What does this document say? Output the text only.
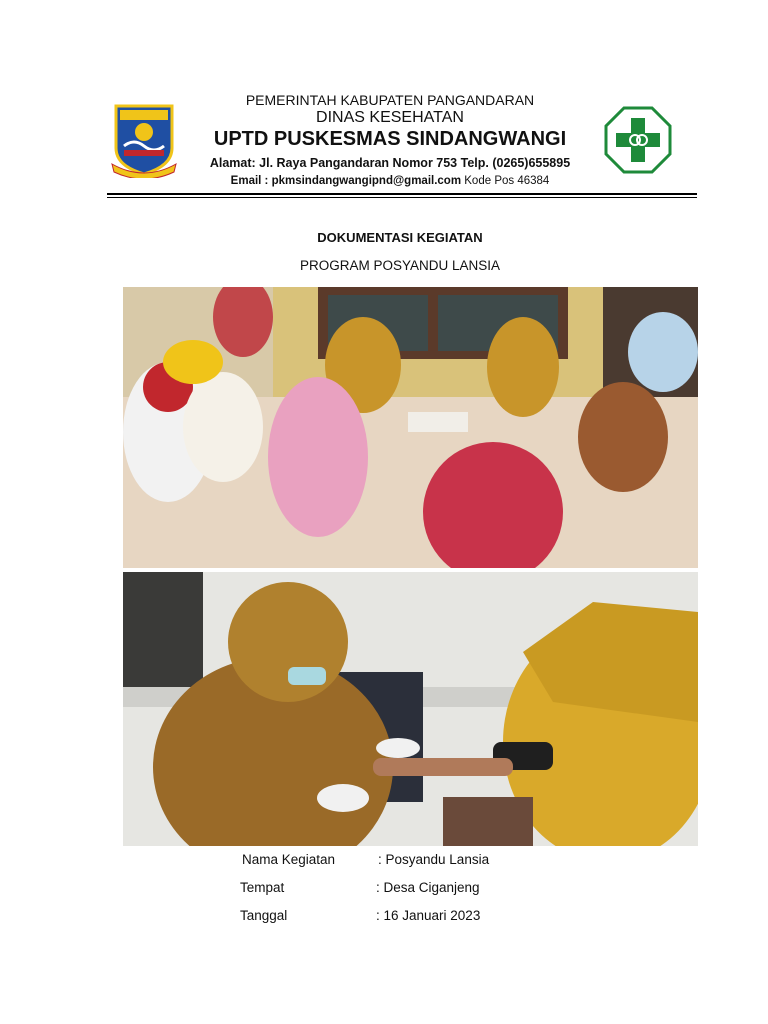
PEMERINTAH KABUPATEN PANGANDARAN
DINAS KESEHATAN
UPTD PUSKESMAS SINDANGWANGI
Alamat: Jl. Raya Pangandaran Nomor 753 Telp. (0265)655895
Email : pkmsindangwangipnd@gmail.com Kode Pos 46384
DOKUMENTASI KEGIATAN
PROGRAM POSYANDU LANSIA
Nama Kegiatan	: Posyandu Lansia
Tempat	: Desa Ciganjeng
Tanggal	: 16 Januari 2023
